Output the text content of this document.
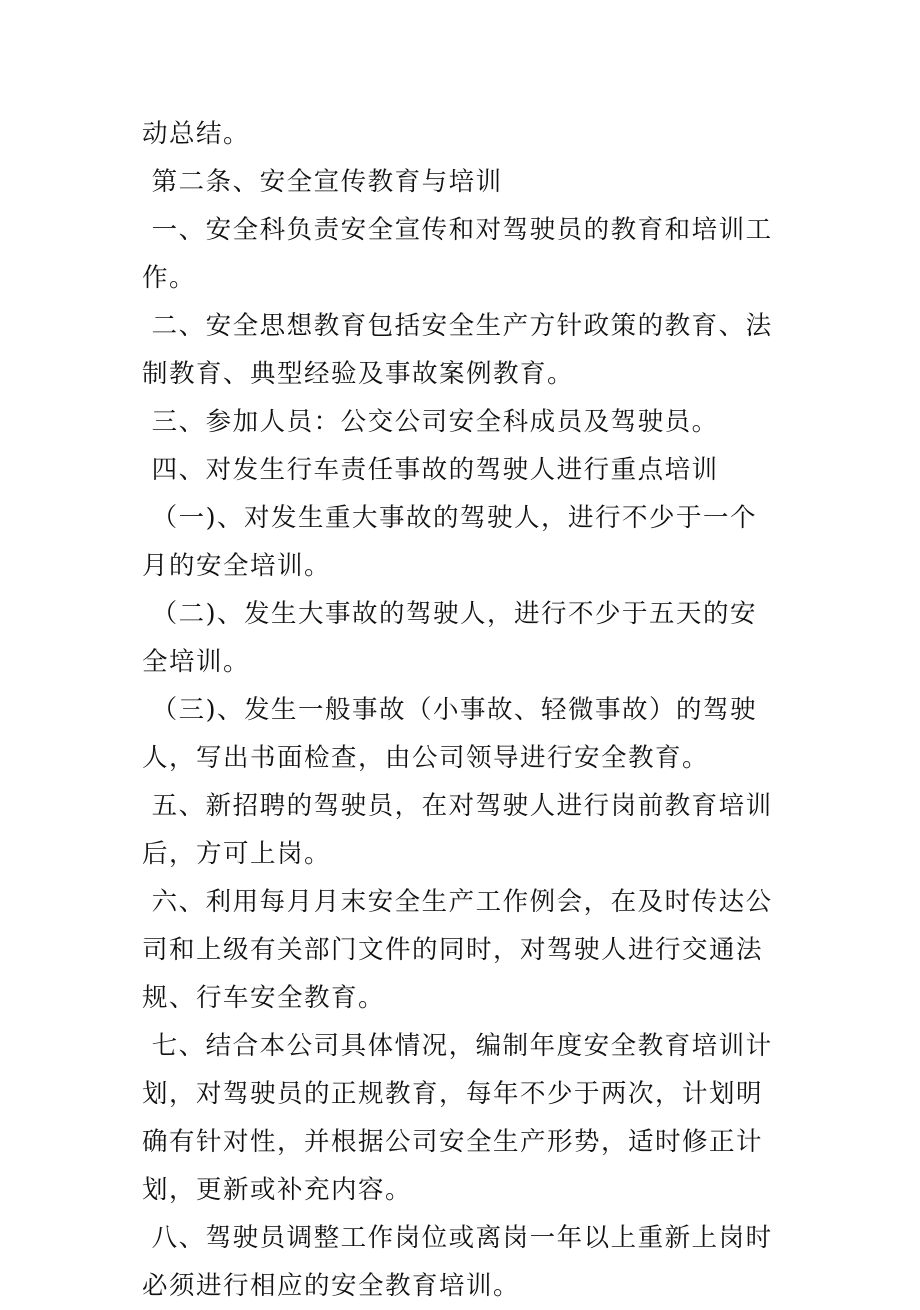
动总结。

第二条、安全宣传教育与培训

一、安全科负责安全宣传和对驾驶员的教育和培训工作。

二、安全思想教育包括安全生产方针政策的教育、法制教育、典型经验及事故案例教育。

三、参加人员：公交公司安全科成员及驾驶员。

四、对发生行车责任事故的驾驶人进行重点培训

（一)、对发生重大事故的驾驶人，进行不少于一个月的安全培训。

（二)、发生大事故的驾驶人，进行不少于五天的安全培训。

（三)、发生一般事故（小事故、轻微事故）的驾驶人，写出书面检查，由公司领导进行安全教育。

五、新招聘的驾驶员，在对驾驶人进行岗前教育培训后，方可上岗。

六、利用每月月末安全生产工作例会，在及时传达公司和上级有关部门文件的同时，对驾驶人进行交通法规、行车安全教育。

七、结合本公司具体情况，编制年度安全教育培训计划，对驾驶员的正规教育，每年不少于两次，计划明确有针对性，并根据公司安全生产形势，适时修正计划，更新或补充内容。

八、驾驶员调整工作岗位或离岗一年以上重新上岗时必须进行相应的安全教育培训。
